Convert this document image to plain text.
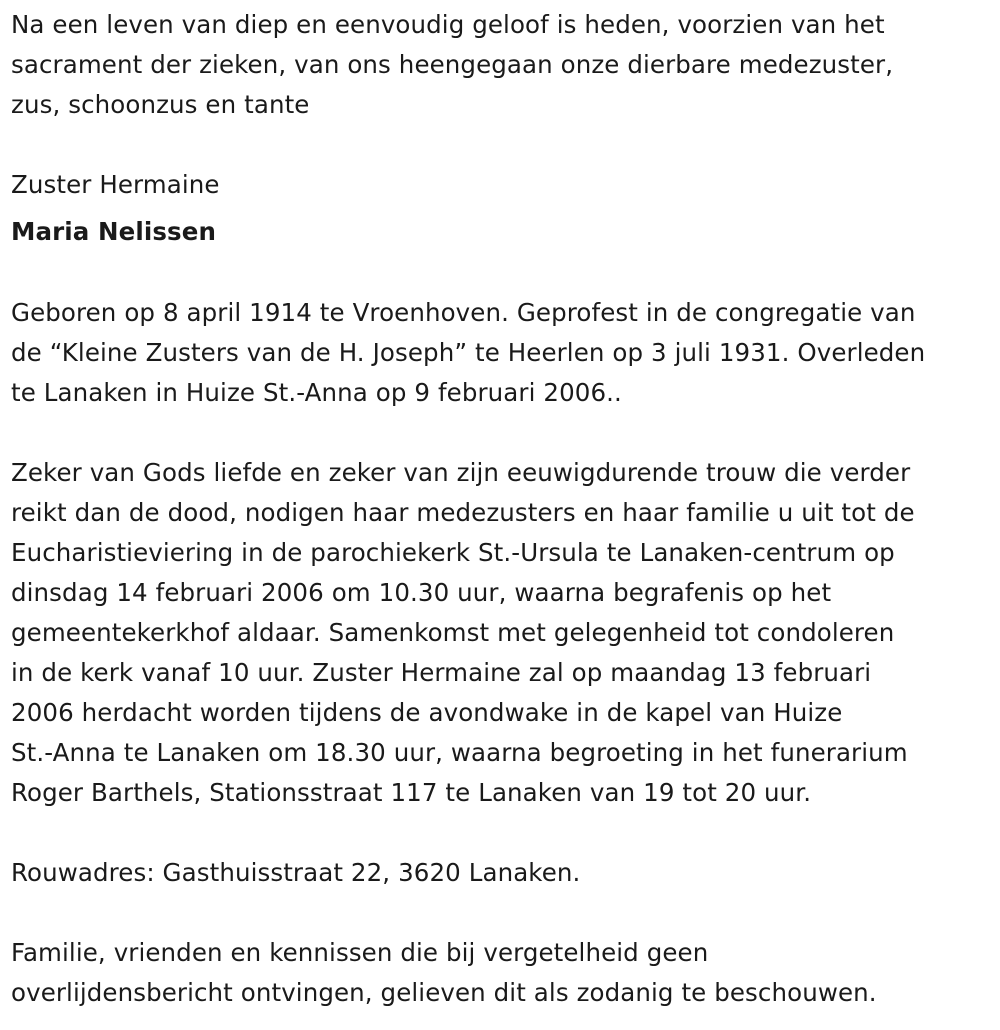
Na een leven van diep en eenvoudig geloof is heden, voorzien van het
sacrament der zieken, van ons heengegaan onze dierbare medezuster,
zus, schoonzus en tante

Zuster Hermaine

Maria Nelissen

Geboren op 8 april 1914 te Vroenhoven. Geprofest in de congregatie van
de “Kleine Zusters van de H. Joseph” te Heerlen op 3 juli 1931. Overleden
te Lanaken in Huize St.-Anna op 9 februari 2006..

Zeker van Gods liefde en zeker van zijn eeuwigdurende trouw die verder
reikt dan de dood, nodigen haar medezusters en haar familie u uit tot de
Eucharistieviering in de parochiekerk St.-Ursula te Lanaken-centrum op
dinsdag 14 februari 2006 om 10.30 uur, waarna begrafenis op het
gemeentekerkhof aldaar. Samenkomst met gelegenheid tot condoleren
in de kerk vanaf 10 uur. Zuster Hermaine zal op maandag 13 februari
2006 herdacht worden tijdens de avondwake in de kapel van Huize
St.-Anna te Lanaken om 18.30 uur, waarna begroeting in het funerarium
Roger Barthels, Stationsstraat 117 te Lanaken van 19 tot 20 uur.

Rouwadres: Gasthuisstraat 22, 3620 Lanaken.

Familie, vrienden en kennissen die bij vergetelheid geen
overlijdensbericht ontvingen, gelieven dit als zodanig te beschouwen.
